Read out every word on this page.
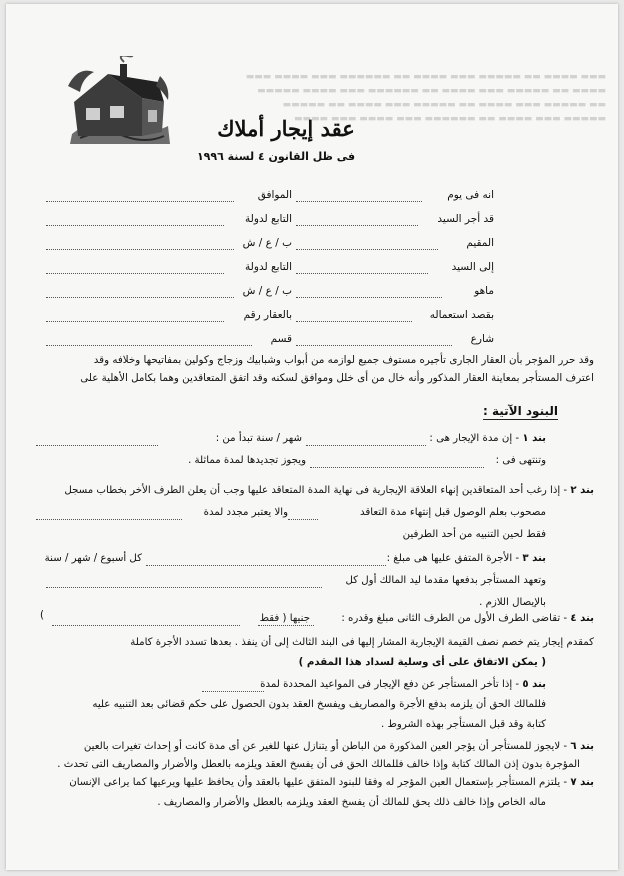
▬▬▬ ▬▬▬▬ ▬▬ ▬▬▬▬▬ ▬▬▬ ▬▬▬▬ ▬▬ ▬▬▬▬▬▬ ▬▬▬ ▬▬▬▬ ▬▬▬
▬▬▬▬ ▬▬ ▬▬▬▬▬ ▬▬▬ ▬▬▬▬ ▬▬ ▬▬▬▬▬▬ ▬▬▬ ▬▬▬▬ ▬▬▬▬▬
▬▬ ▬▬▬▬▬ ▬▬▬ ▬▬▬▬ ▬▬ ▬▬▬▬▬ ▬▬▬ ▬▬▬▬ ▬▬ ▬▬▬▬▬
▬▬▬▬▬ ▬▬▬ ▬▬▬▬ ▬▬ ▬▬▬▬▬▬ ▬▬▬ ▬▬▬▬ ▬▬▬ ▬▬▬▬
عقد إيجار أملاك
فى ظل القانون ٤ لسنة ١٩٩٦
انه فى يوم
الموافق
قد أجر السيد
التابع لدولة
المقيم
ب / ع / ش
إلى السيد
التابع لدولة
ماهو
ب / ع / ش
بقصد استعماله
بالعقار رقم
شارع
قسم
وقد حرر المؤجر بأن العقار الجارى تأجيره مستوف جميع لوازمه من أبواب وشبابيك وزجاج وكولين بمفاتيحها وخلافه وقد
اعترف المستأجر بمعاينة العقار المذكور وأنه خال من أى خلل وموافق لسكنه وقد اتفق المتعاقدين وهما بكامل الأهلية على
البنود الآتية :
بند ١ - إن مدة الإيجار هى :
شهر / سنة تبدأ من :
وتنتهى فى :
ويجوز تجديدها لمدة مماثلة .
بند ٢ - إذا رغب أحد المتعاقدين إنهاء العلاقة الإيجارية فى نهاية المدة المتعاقد عليها وجب أن يعلن الطرف الأخر بخطاب مسجل
مصحوب بعلم الوصول قبل إنتهاء مدة التعاقد
والا يعتبر مجدد لمدة
فقط لحين التنبيه من أحد الطرفين
بند ٣ - الأجرة المتفق عليها هى مبلغ :
كل أسبوع / شهر / سنة
وتعهد المستأجر بدفعها مقدما ليد المالك أول كل
بالإيصال اللازم .
بند ٤ - تقاضى الطرف الأول من الطرف الثانى مبلغ وقدره :
جنيها ( فقط
)
كمقدم إيجار يتم خصم نصف القيمة الإيجارية المشار إليها فى البند الثالث إلى أن ينفذ . بعدها تسدد الأجرة كاملة
( يمكن الاتفاق على أى وسلية لسداد هذا المقدم )
بند ٥ - إذا تأخر المستأجر عن دفع الإيجار فى المواعيد المحددة لمدة
فللمالك الحق أن يلزمه بدفع الأجرة والمصاريف ويفسخ العقد بدون الحصول على حكم قضائى بعد التنبيه عليه
كتابة وقد قبل المستأجر بهذه الشروط .
بند ٦ - لايجوز للمستأجر أن يؤجر العين المذكورة من الباطن أو يتنازل عنها للغير عن أى مدة كانت أو إحداث تغيرات بالعين
المؤجرة بدون إذن المالك كتابة وإذا خالف فللمالك الحق فى أن يفسخ العقد ويلزمه بالعطل والأضرار والمصاريف التى تحدث .
بند ٧ - يلتزم المستأجر بإستعمال العين المؤجر له وفقا للبنود المتفق عليها بالعقد وأن يحافظ عليها ويرعيها كما يراعى الإنسان
ماله الخاص وإذا خالف ذلك يحق للمالك أن يفسخ العقد ويلزمه بالعطل والأضرار والمصاريف .
